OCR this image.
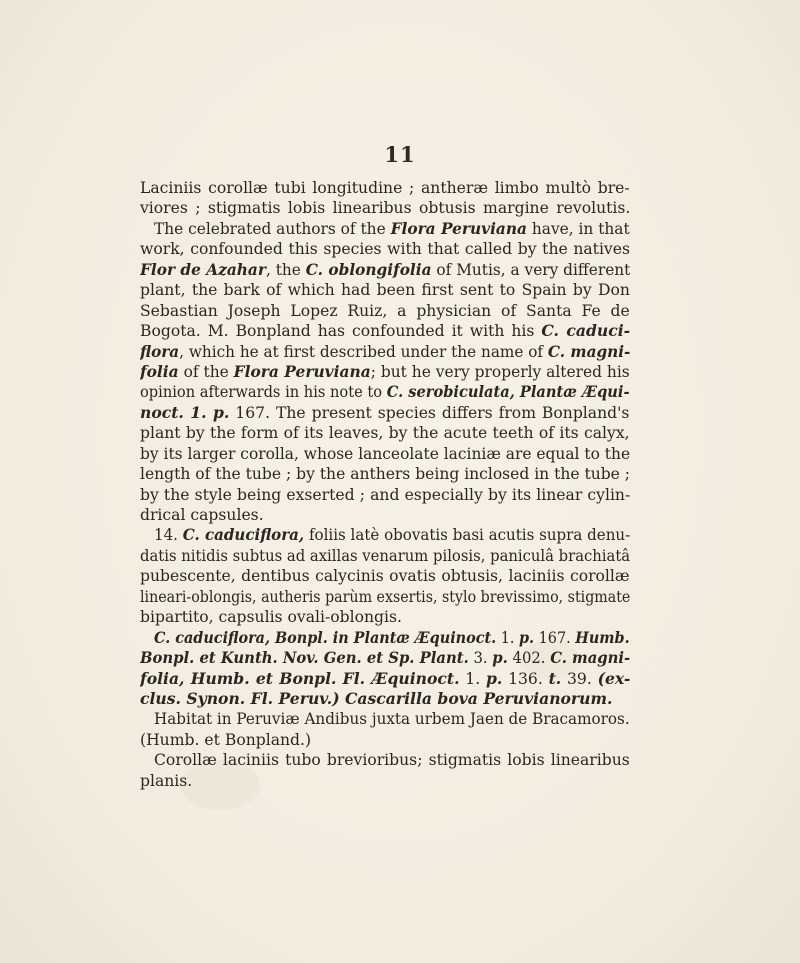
11
Laciniis corollæ tubi longitudine ; antheræ limbo multò bre-
viores ; stigmatis lobis linearibus obtusis margine revolutis.
The celebrated authors of the Flora Peruviana have, in that
work, confounded this species with that called by the natives
Flor de Azahar, the C. oblongifolia of Mutis, a very different
plant, the bark of which had been first sent to Spain by Don
Sebastian Joseph Lopez Ruiz, a physician of Santa Fe de
Bogota. M. Bonpland has confounded it with his C. caduci-
flora, which he at first described under the name of C. magni-
folia of the Flora Peruviana; but he very properly altered his
opinion afterwards in his note to C. serobiculata, Plantæ Æqui-
noct. 1. p. 167. The present species differs from Bonpland's
plant by the form of its leaves, by the acute teeth of its calyx,
by its larger corolla, whose lanceolate laciniæ are equal to the
length of the tube ; by the anthers being inclosed in the tube ;
by the style being exserted ; and especially by its linear cylin-
drical capsules.
14. C. caduciflora, foliis latè obovatis basi acutis supra denu-
datis nitidis subtus ad axillas venarum pilosis, paniculâ brachiatâ
pubescente, dentibus calycinis ovatis obtusis, laciniis corollæ
lineari-oblongis, autheris parùm exsertis, stylo brevissimo, stigmate
bipartito, capsulis ovali-oblongis.
C. caduciflora, Bonpl. in Plantæ Æquinoct. 1. p. 167. Humb.
Bonpl. et Kunth. Nov. Gen. et Sp. Plant. 3. p. 402. C. magni-
folia, Humb. et Bonpl. Fl. Æquinoct. 1. p. 136. t. 39. (ex-
clus. Synon. Fl. Peruv.) Cascarilla bova Peruvianorum.
Habitat in Peruviæ Andibus juxta urbem Jaen de Bracamoros.
(Humb. et Bonpland.)
Corollæ laciniis tubo brevioribus; stigmatis lobis linearibus
planis.
